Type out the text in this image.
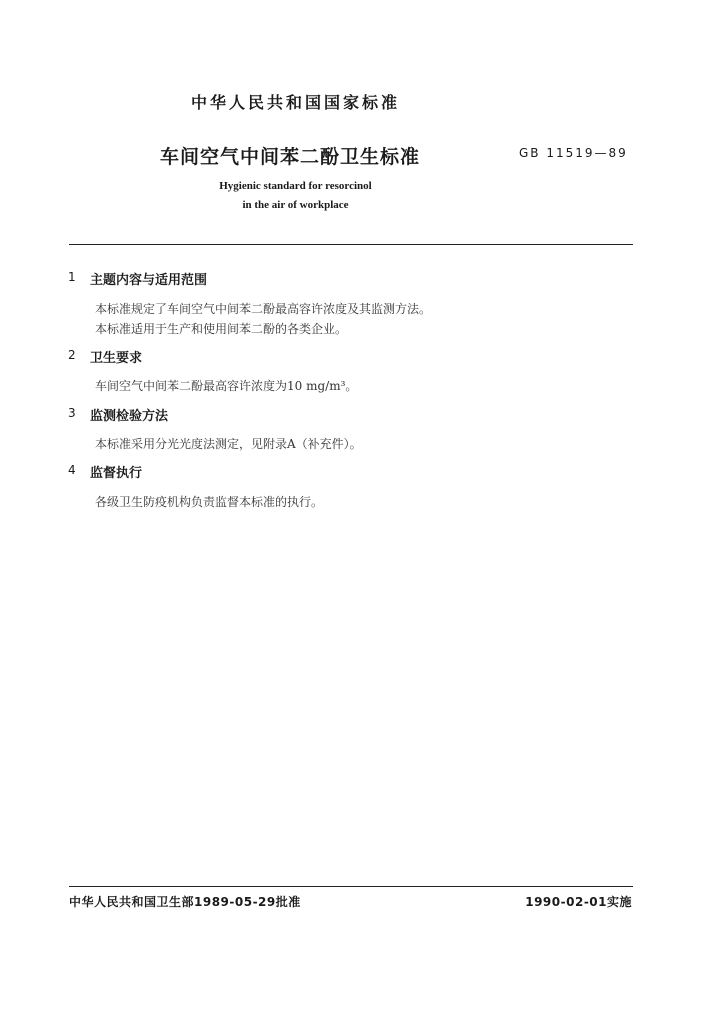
中华人民共和国国家标准
车间空气中间苯二酚卫生标准	GB 11519—89
Hygienic standard for resorcinol
in the air of workplace
1 主题内容与适用范围
本标准规定了车间空气中间苯二酚最高容许浓度及其监测方法。
本标准适用于生产和使用间苯二酚的各类企业。
2 卫生要求
车间空气中间苯二酚最高容许浓度为10 mg/m³。
3 监测检验方法
本标准采用分光光度法测定，见附录A（补充件）。
4 监督执行
各级卫生防疫机构负责监督本标准的执行。
中华人民共和国卫生部1989-05-29批准	1990-02-01实施
